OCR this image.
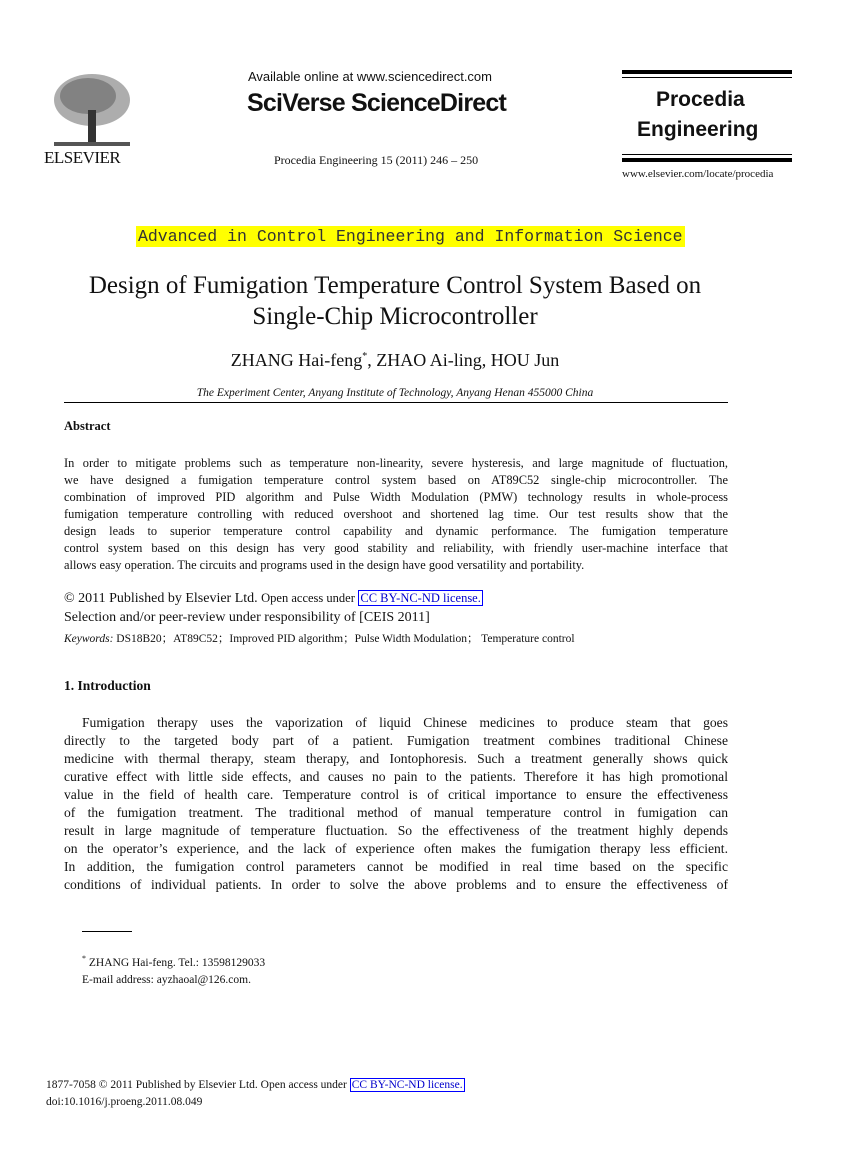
ELSEVIER
Available online at www.sciencedirect.com
SciVerse ScienceDirect
Procedia Engineering 15 (2011) 246 – 250
Procedia
Engineering
www.elsevier.com/locate/procedia
Advanced in Control Engineering and Information Science
Design of Fumigation Temperature Control System Based on
Single-Chip Microcontroller
ZHANG Hai-feng*, ZHAO Ai-ling, HOU Jun
The Experiment Center, Anyang Institute of Technology, Anyang Henan 455000 China
Abstract
In order to mitigate problems such as temperature non-linearity, severe hysteresis, and large magnitude of fluctuation,
we have designed a fumigation temperature control system based on AT89C52 single-chip microcontroller. The
combination of improved PID algorithm and Pulse Width Modulation (PMW) technology results in whole-process
fumigation temperature controlling with reduced overshoot and shortened lag time. Our test results show that the
design leads to superior temperature control capability and dynamic performance. The fumigation temperature
control system based on this design has very good stability and reliability, with friendly user-machine interface that
allows easy operation. The circuits and programs used in the design have good versatility and portability.
© 2011 Published by Elsevier Ltd. Open access under CC BY-NC-ND license.
Selection and/or peer-review under responsibility of [CEIS 2011]
Keywords: DS18B20；AT89C52；Improved PID algorithm；Pulse Width Modulation； Temperature control
1. Introduction
Fumigation therapy uses the vaporization of liquid Chinese medicines to produce steam that goes
directly to the targeted body part of a patient. Fumigation treatment combines traditional Chinese
medicine with thermal therapy, steam therapy, and Iontophoresis. Such a treatment generally shows quick
curative effect with little side effects, and causes no pain to the patients. Therefore it has high promotional
value in the field of health care. Temperature control is of critical importance to ensure the effectiveness
of the fumigation treatment. The traditional method of manual temperature control in fumigation can
result in large magnitude of temperature fluctuation. So the effectiveness of the treatment highly depends
on the operator’s experience, and the lack of experience often makes the fumigation therapy less efficient.
In addition, the fumigation control parameters cannot be modified in real time based on the specific
conditions of individual patients. In order to solve the above problems and to ensure the effectiveness of
* ZHANG Hai-feng. Tel.: 13598129033
E-mail address: ayzhaoal@126.com.
1877-7058 © 2011 Published by Elsevier Ltd. Open access under CC BY-NC-ND license.
doi:10.1016/j.proeng.2011.08.049
